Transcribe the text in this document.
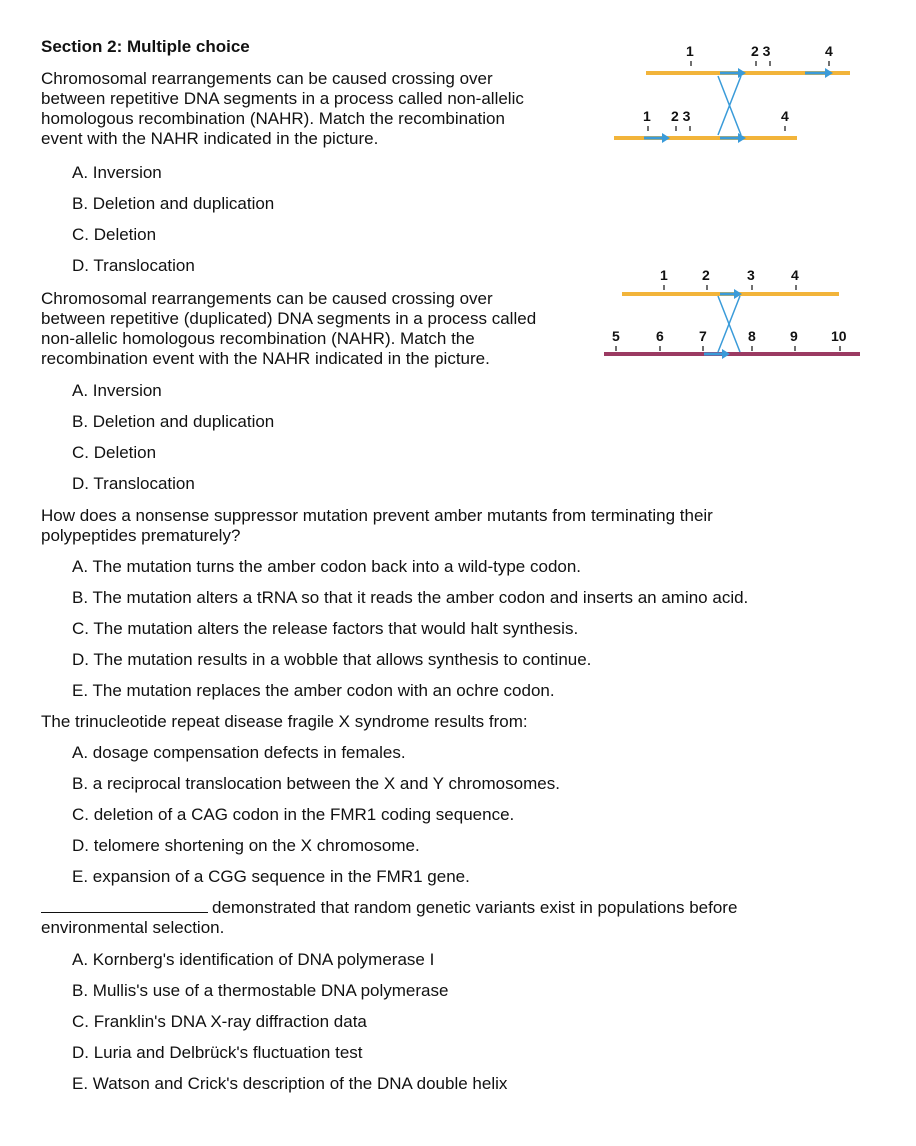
Section 2: Multiple choice
Chromosomal rearrangements can be caused crossing over
between repetitive DNA segments in a process called non-allelic
homologous recombination (NAHR). Match the recombination
event with the NAHR indicated in the picture.
A. Inversion
B. Deletion and duplication
C. Deletion
D. Translocation
1	2 3	4
1 2 3	4
Chromosomal rearrangements can be caused crossing over
between repetitive (duplicated) DNA segments in a process called
non-allelic homologous recombination (NAHR). Match the
recombination event with the NAHR indicated in the picture.
A. Inversion
B. Deletion and duplication
C. Deletion
D. Translocation
1 2	3	4
5	6	7	8 9 10
How does a nonsense suppressor mutation prevent amber mutants from terminating their
polypeptides prematurely?
A. The mutation turns the amber codon back into a wild-type codon.
B. The mutation alters a tRNA so that it reads the amber codon and inserts an amino acid.
C. The mutation alters the release factors that would halt synthesis.
D. The mutation results in a wobble that allows synthesis to continue.
E. The mutation replaces the amber codon with an ochre codon.
The trinucleotide repeat disease fragile X syndrome results from:
A. dosage compensation defects in females.
B. a reciprocal translocation between the X and Y chromosomes.
C. deletion of a CAG codon in the FMR1 coding sequence.
D. telomere shortening on the X chromosome.
E. expansion of a CGG sequence in the FMR1 gene.
demonstrated that random genetic variants exist in populations before
environmental selection.
A. Kornberg's identification of DNA polymerase I
B. Mullis's use of a thermostable DNA polymerase
C. Franklin's DNA X-ray diffraction data
D. Luria and Delbrück's fluctuation test
E. Watson and Crick's description of the DNA double helix
